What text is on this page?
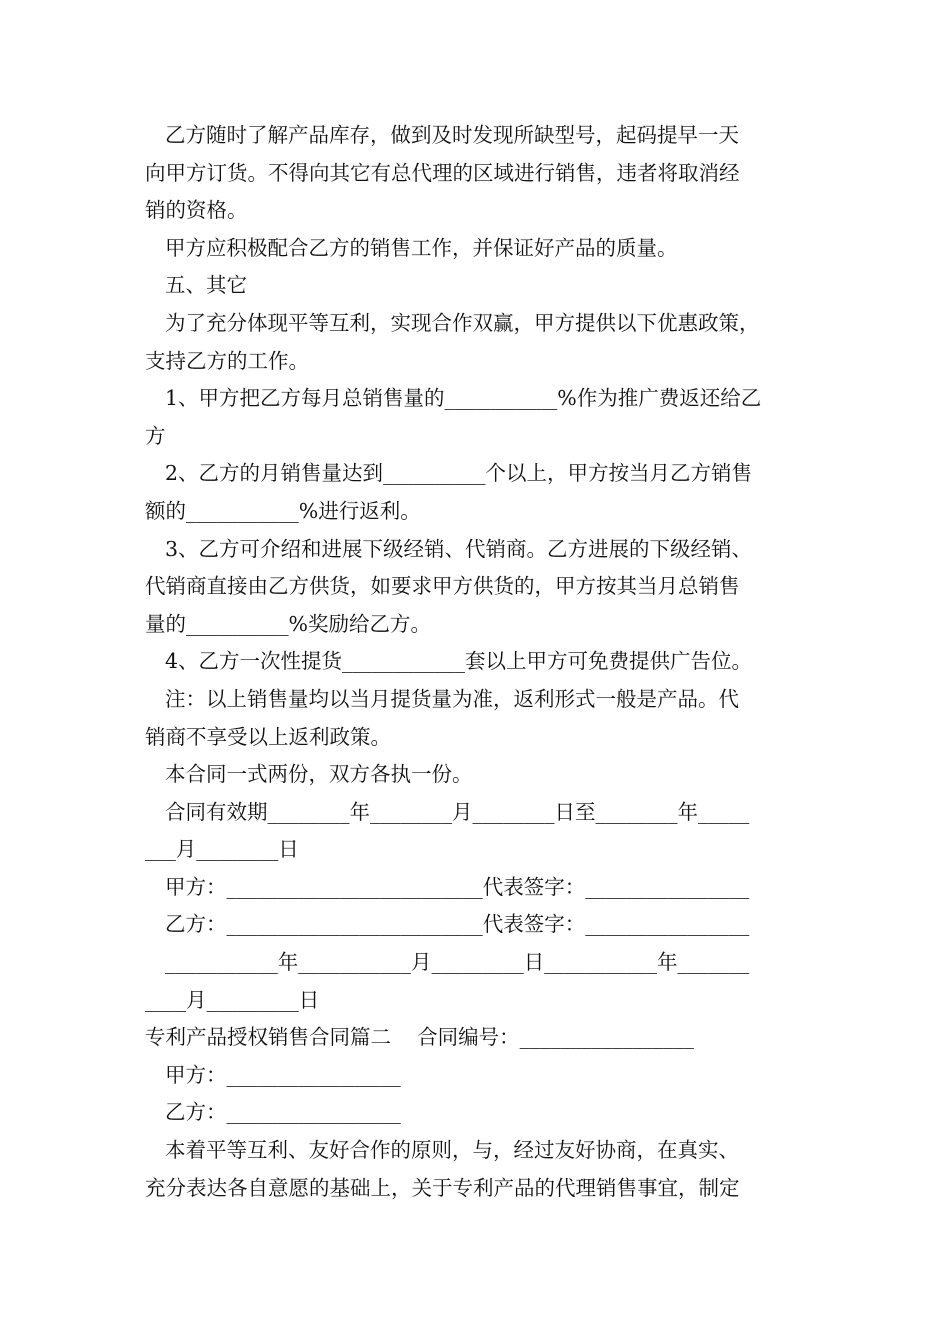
乙方随时了解产品库存，做到及时发现所缺型号，起码提早一天
向甲方订货。不得向其它有总代理的区域进行销售，违者将取消经
销的资格。
甲方应积极配合乙方的销售工作，并保证好产品的质量。
五、其它
为了充分体现平等互利，实现合作双赢，甲方提供以下优惠政策，
支持乙方的工作。
1、甲方把乙方每月总销售量的___________%作为推广费返还给乙
方
2、乙方的月销售量达到__________个以上，甲方按当月乙方销售
额的___________%进行返利。
3、乙方可介绍和进展下级经销、代销商。乙方进展的下级经销、
代销商直接由乙方供货，如要求甲方供货的，甲方按其当月总销售
量的__________%奖励给乙方。
4、乙方一次性提货____________套以上甲方可免费提供广告位。
注：以上销售量均以当月提货量为准，返利形式一般是产品。代
销商不享受以上返利政策。
本合同一式两份，双方各执一份。
合同有效期________年________月________日至________年_____
___月________日
甲方：_________________________代表签字：________________
乙方：_________________________代表签字：________________
___________年___________月_________日___________年_______
____月_________日
专利产品授权销售合同篇二    合同编号：_________________
甲方：_________________
乙方：_________________
本着平等互利、友好合作的原则，与，经过友好协商，在真实、
充分表达各自意愿的基础上，关于专利产品的代理销售事宜，制定
